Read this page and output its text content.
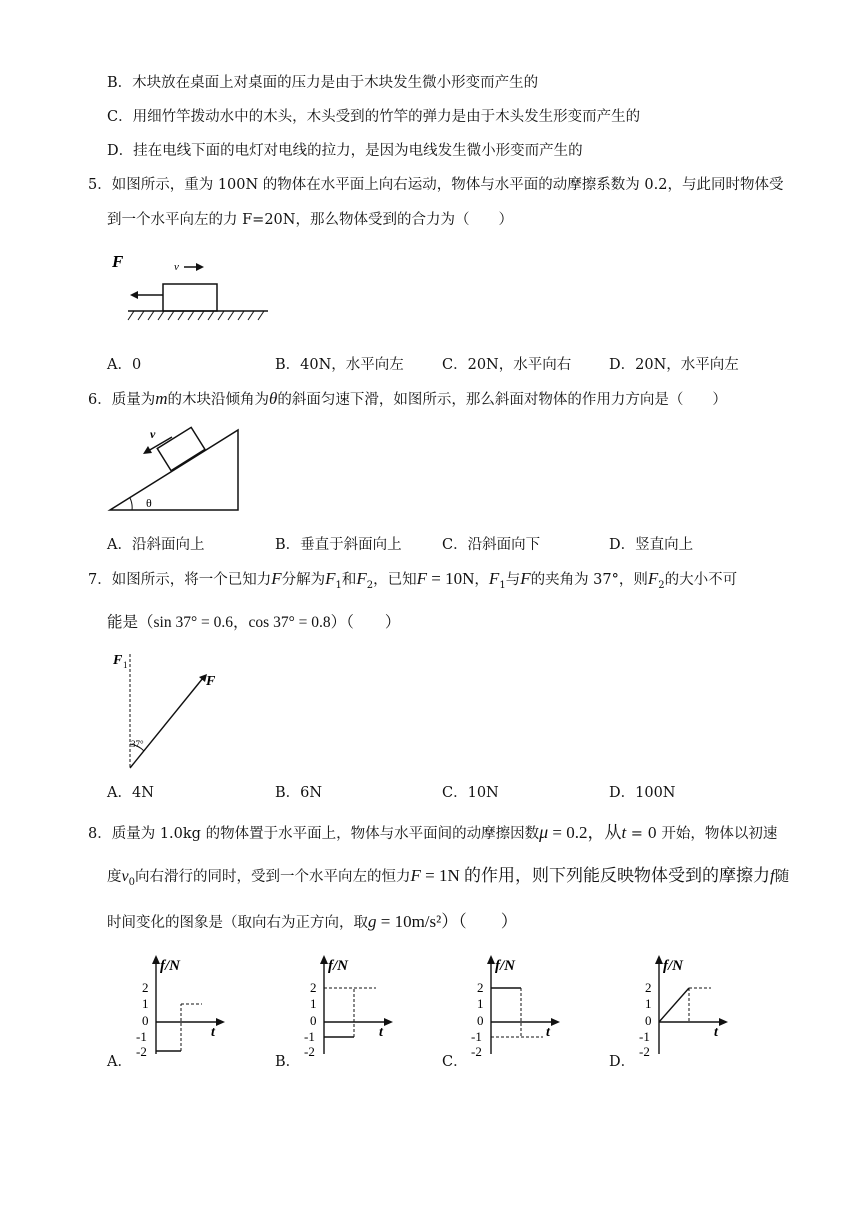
B．木块放在桌面上对桌面的压力是由于木块发生微小形变而产生的
C．用细竹竿拨动水中的木头，木头受到的竹竿的弹力是由于木头发生形变而产生的
D．挂在电线下面的电灯对电线的拉力，是因为电线发生微小形变而产生的
5．如图所示，重为 100N 的物体在水平面上向右运动，物体与水平面的动摩擦系数为 0.2，与此同时物体受
到一个水平向左的力 F=20N，那么物体受到的合力为（　　）
F	v
A．0	B．40N，水平向左	C．20N，水平向右	D．20N，水平向左
6．质量为m的木块沿倾角为θ的斜面匀速下滑，如图所示，那么斜面对物体的作用力方向是（　　）
v
θ
A．沿斜面向上	B．垂直于斜面向上	C．沿斜面向下	D．竖直向上
7．如图所示，将一个已知力F分解为$F_1$和$F_2$，已知F = 10N，$F_1$与F的夹角为 37°，则$F_2$的大小不可
能是（sin 37° = 0.6，cos 37° = 0.8）（　　）
F 1
F
37°
A．4N	B．6N	C．10N	D．100N
8．质量为 1.0kg 的物体置于水平面上，物体与水平面间的动摩擦因数μ = 0.2，从t = 0 开始，物体以初速
度$v_0$向右滑行的同时，受到一个水平向左的恒力F = 1N 的作用，则下列能反映物体受到的摩擦力f随
时间变化的图象是（取向右为正方向，取g = 10m/s²）（　　）
A．	B．	C．	D．
f/N
t
2
1
0
-1
-2
f/N
t
2
1
0
-1
-2
f/N
t
2
1
0
-1
-2
f/N
t
2
1
0
-1
-2
